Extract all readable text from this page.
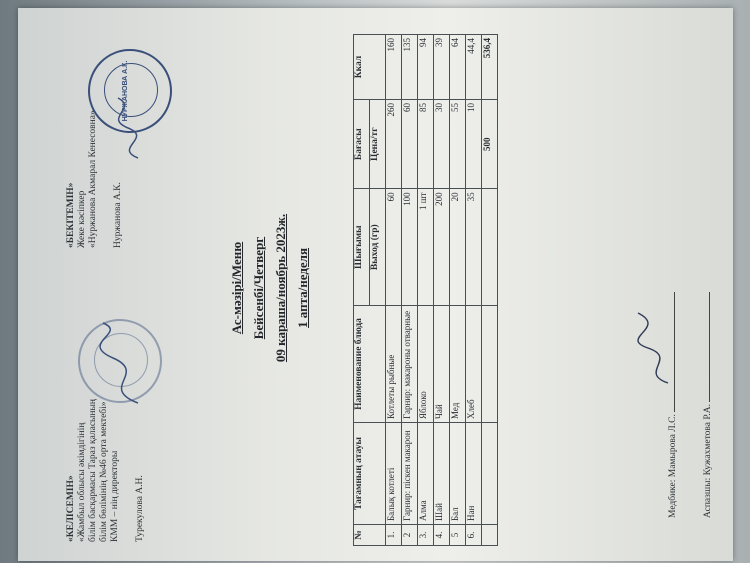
«КЕЛІСЕМІН» «Жамбыл облысы әкімдігінің білім басқармасы Тараз қаласының білім бөлімінің №46 орта мектебі» КММ – нің директоры Турекулова А.Н.
«БЕКІТЕМІН» Жеке кәсіпкер «Нуржанова Акмарал Кенесовна» Нуржанова А.К.
НУРЖАНОВА А.К.
Ас-мәзірі/Меню Бейсенбі/Четверг 09 караша/ноябрь 2023ж. 1 апта/неделя
№	Тағамның атауы	Наименование блюда	Шығымы	Бағасы	Ккал
			Выход (гр)	Цена/тг	
1.	Балық котлеті	Котлеты рыбные	60	260	160
2	Гарнир: піскен макарон	Гарнир: макароны отварные	100	60	135
3.	Алма	Яблоко	1 шт	85	94
4.	Шай	Чай	200	30	39
5	Бал	Мед	20	55	64
6.	Нан	Хлеб	35	10	44,4
				500	536,4
Медбике: Мамырова Л.С.	Аспазшы: Кужахметова Р.А.
